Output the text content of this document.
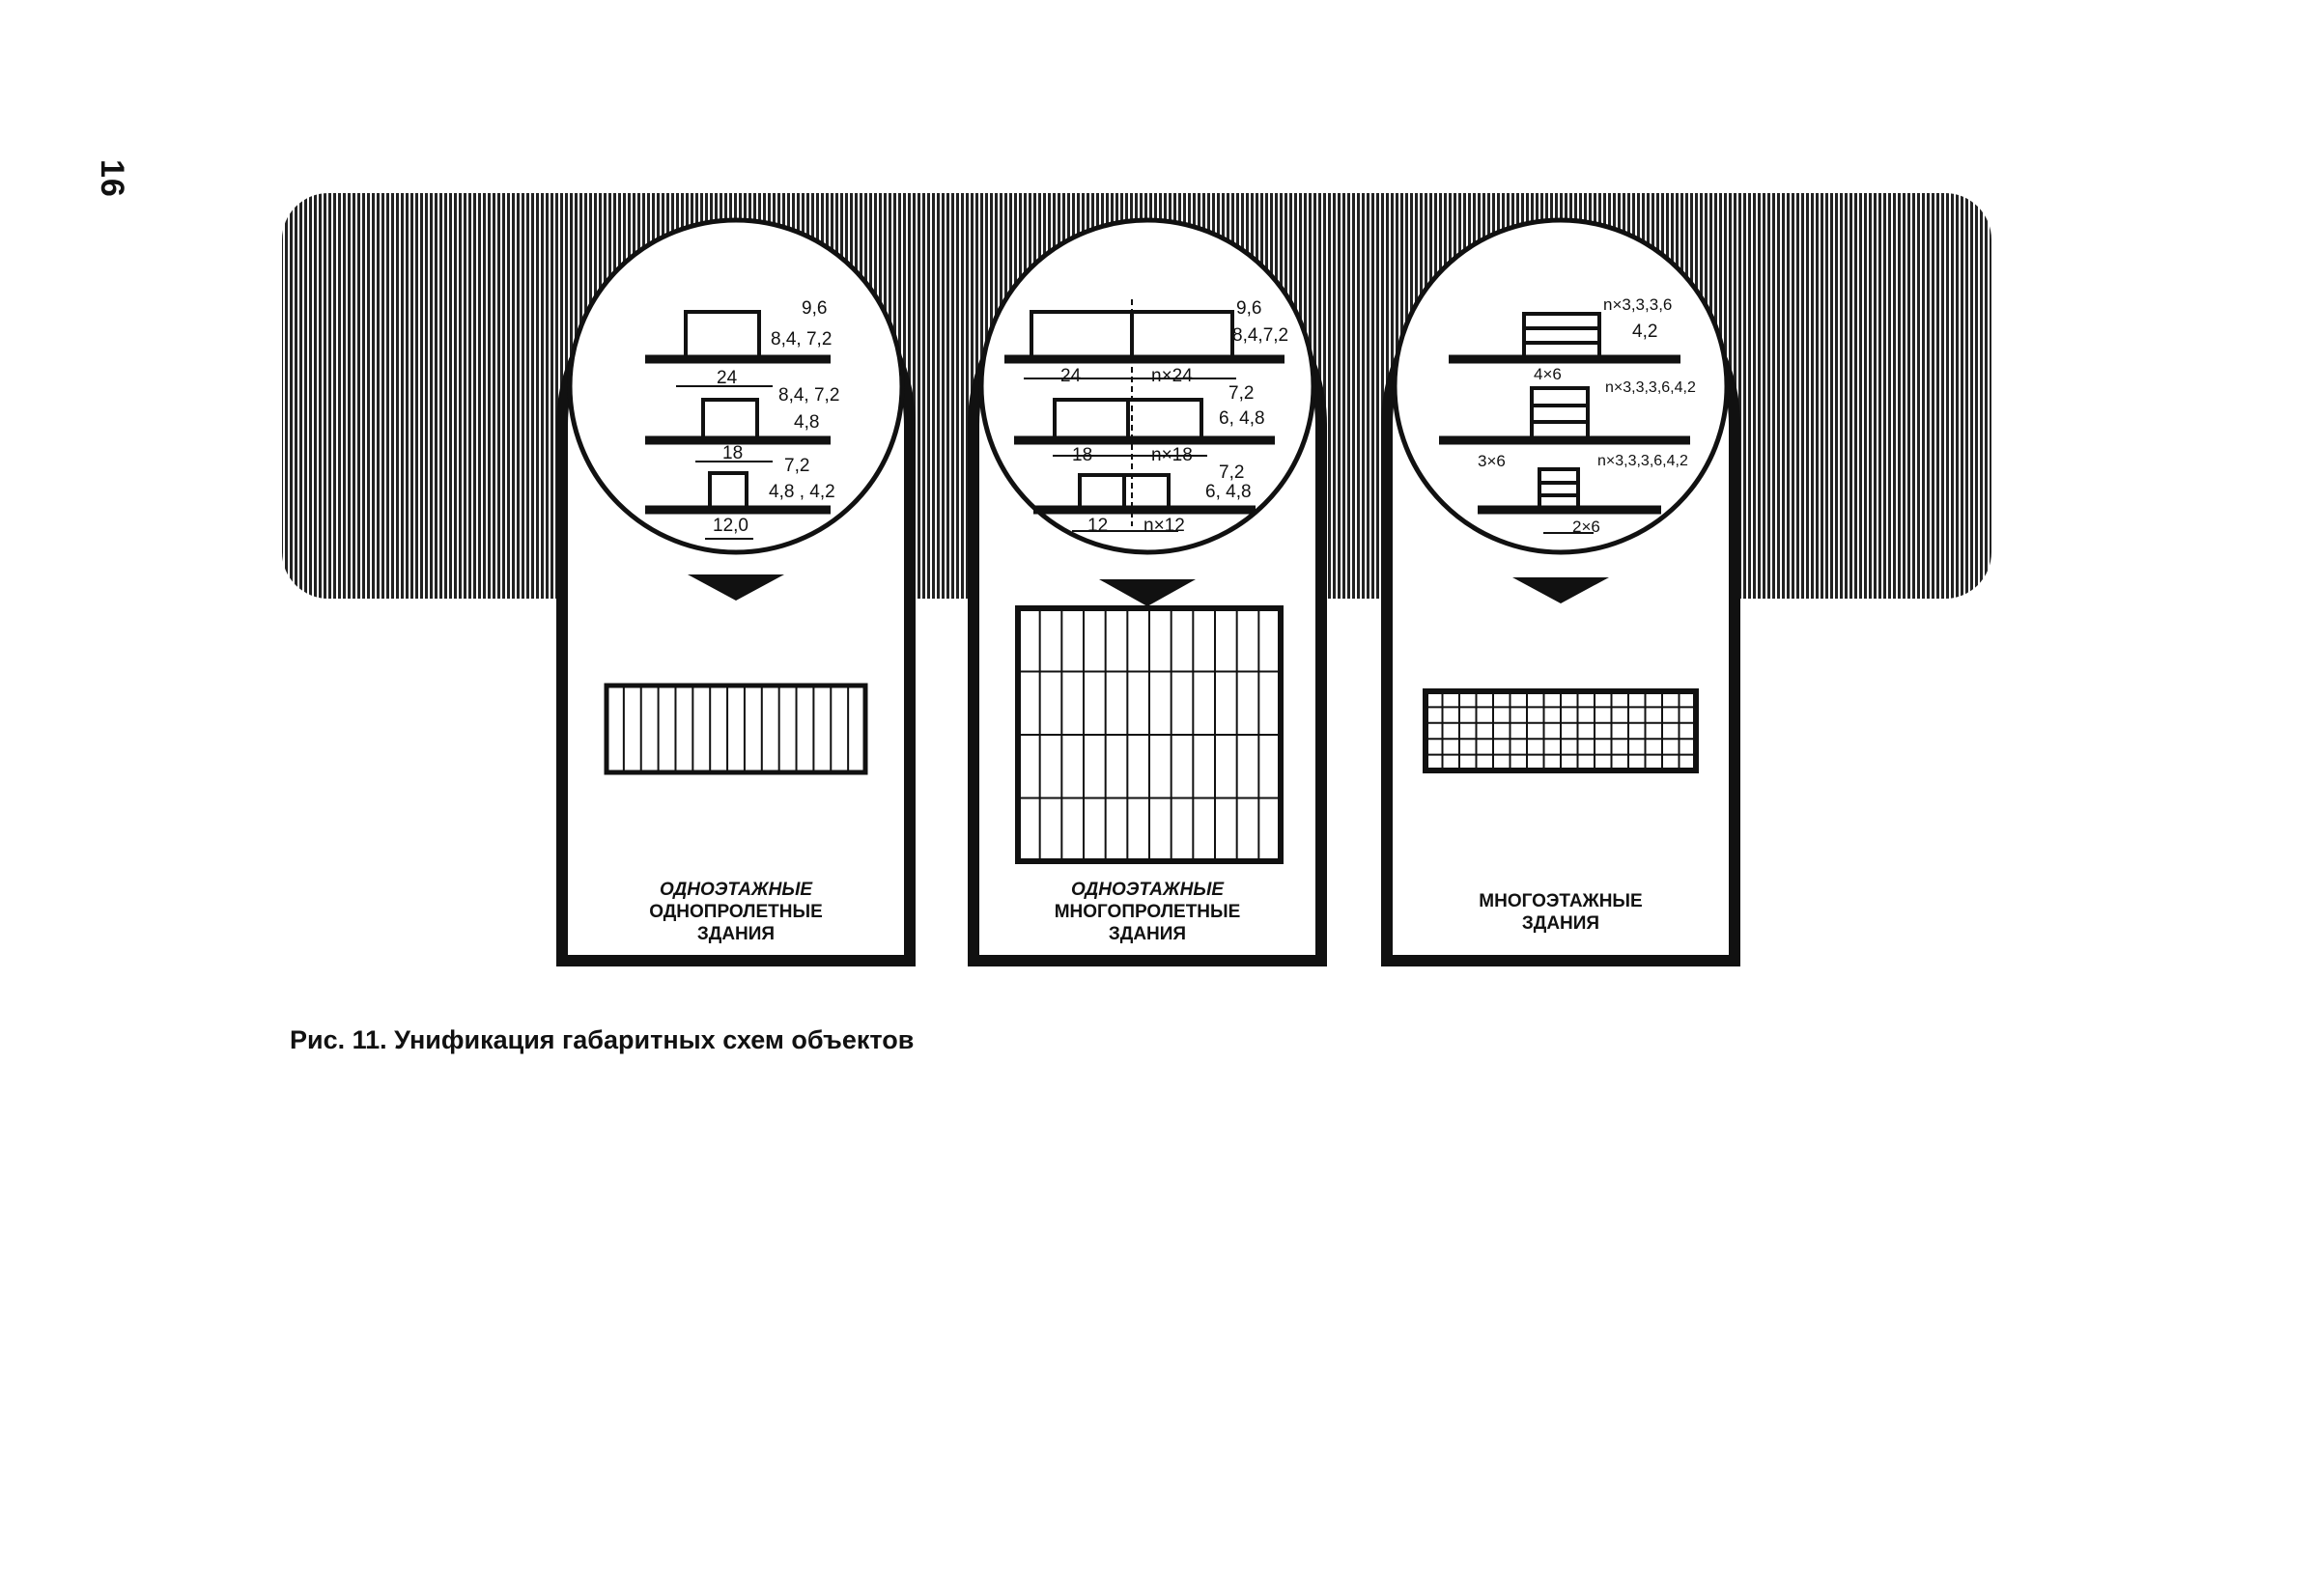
16
9,6
8,4, 7,2
24
8,4, 7,2
4,8
18
7,2
4,8 , 4,2
12,0
9,6
8,4,7,2
24	n×24
7,2
6, 4,8
18	n×18
7,2
6, 4,8
12 n×12
n×3,3,3,6
4,2
4×6
n×3,3,3,6,4,2
3×6	n×3,3,3,6,4,2
2×6
ОДНОЭТАЖНЫЕ
ОДНОПРОЛЕТНЫЕ
ЗДАНИЯ
ОДНОЭТАЖНЫЕ
МНОГОПРОЛЕТНЫЕ
ЗДАНИЯ
МНОГОЭТАЖНЫЕ
ЗДАНИЯ
Рис. 11. Унификация габаритных схем объектов
